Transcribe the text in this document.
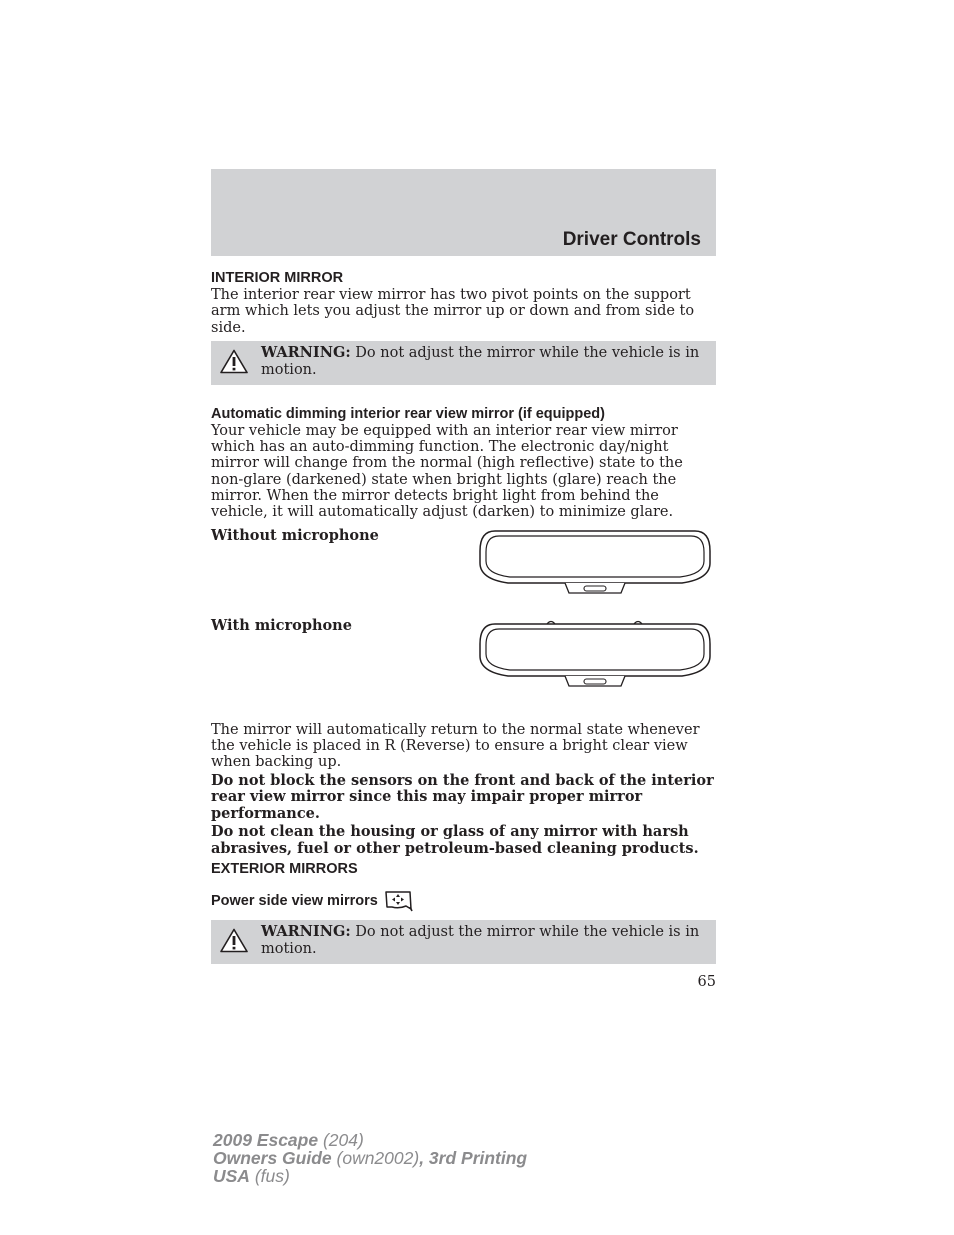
Driver Controls
INTERIOR MIRROR

The interior rear view mirror has two pivot points on the support arm which lets you adjust the mirror up or down and from side to side.

WARNING: Do not adjust the mirror while the vehicle is in motion.
Automatic dimming interior rear view mirror (if equipped)

Your vehicle may be equipped with an interior rear view mirror which has an auto-dimming function. The electronic day/night mirror will change from the normal (high reflective) state to the non-glare (darkened) state when bright lights (glare) reach the mirror. When the mirror detects bright light from behind the vehicle, it will automatically adjust (darken) to minimize glare.

Without microphone
With microphone

The mirror will automatically return to the normal state whenever the vehicle is placed in R (Reverse) to ensure a bright clear view when backing up.

Do not block the sensors on the front and back of the interior rear view mirror since this may impair proper mirror performance.

Do not clean the housing or glass of any mirror with harsh abrasives, fuel or other petroleum-based cleaning products.

EXTERIOR MIRRORS
Power side view mirrors
WARNING: Do not adjust the mirror while the vehicle is in motion.
65
2009 Escape (204)
Owners Guide (own2002), 3rd Printing
USA (fus)
